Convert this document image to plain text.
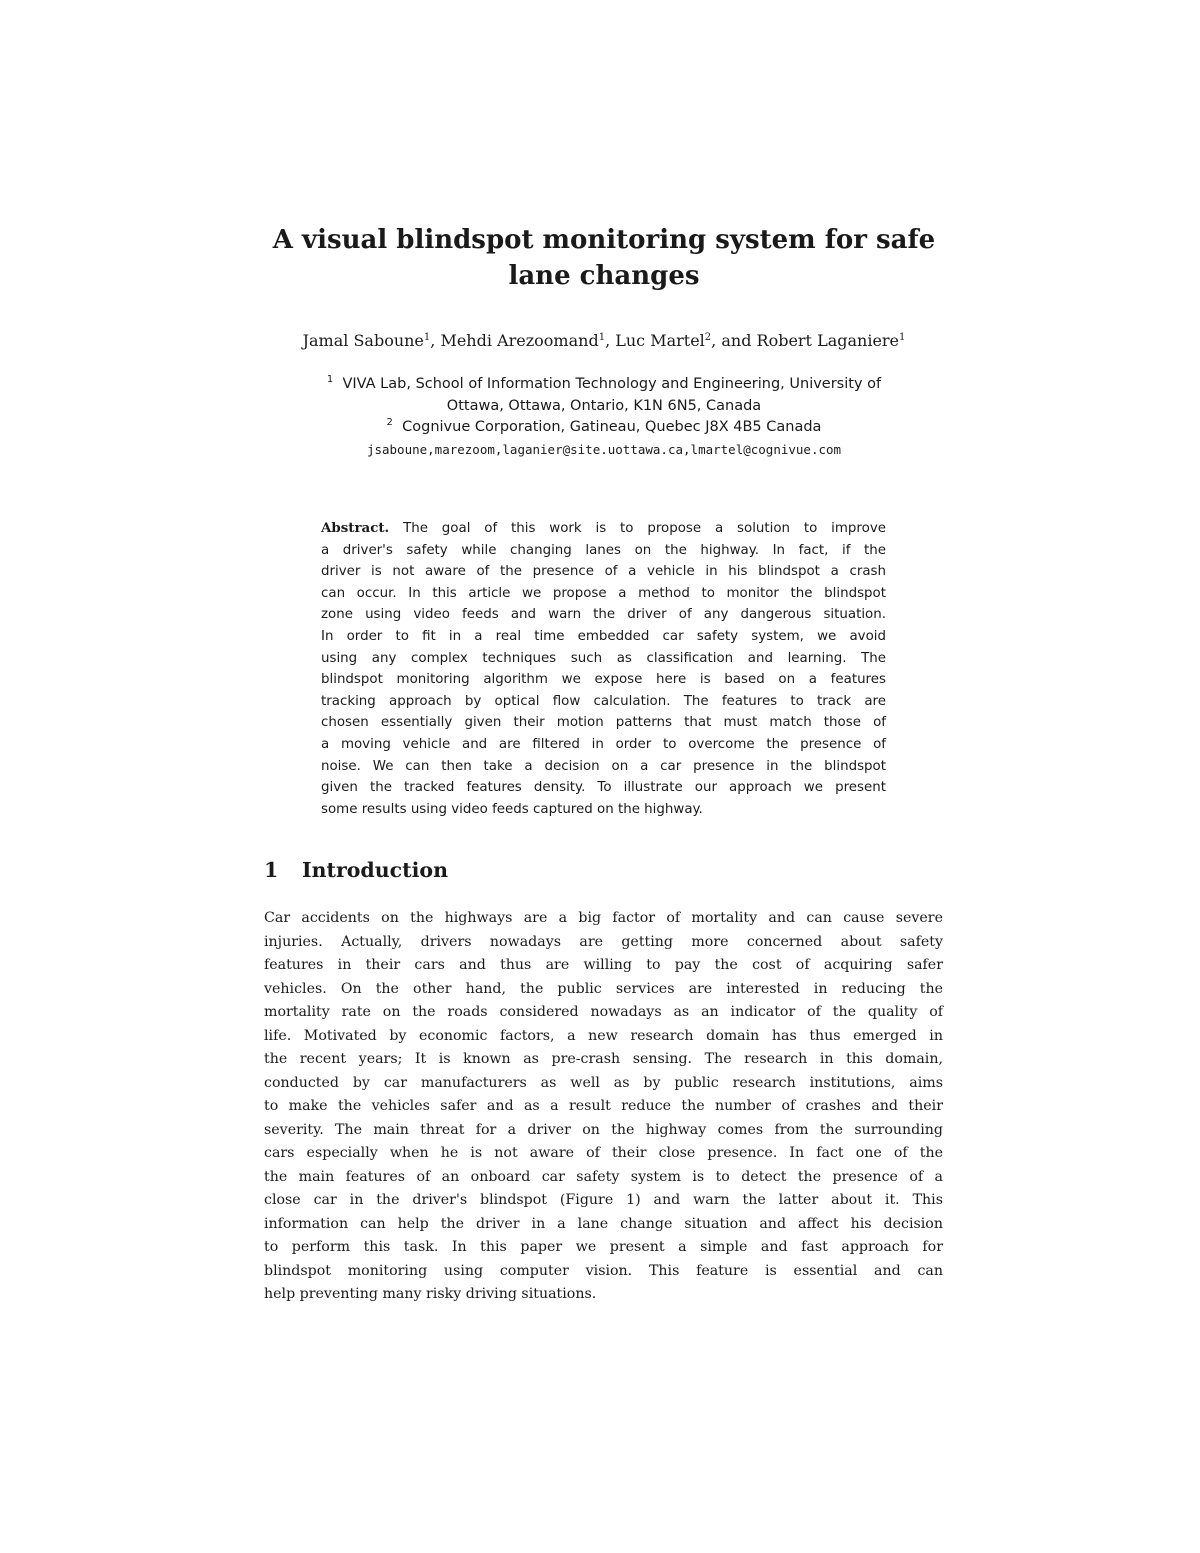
A visual blindspot monitoring system for safe
lane changes

Jamal Saboune$^1$, Mehdi Arezoomand$^1$, Luc Martel$^2$, and Robert Laganiere$^1$

$^1$ VIVA Lab, School of Information Technology and Engineering, University of
Ottawa, Ottawa, Ontario, K1N 6N5, Canada
$^2$ Cognivue Corporation, Gatineau, Quebec J8X 4B5 Canada
jsaboune,marezoom,laganier@site.uottawa.ca,lmartel@cognivue.com
Abstract. The goal of this work is to propose a solution to improve
a driver's safety while changing lanes on the highway. In fact, if the
driver is not aware of the presence of a vehicle in his blindspot a crash
can occur. In this article we propose a method to monitor the blindspot
zone using video feeds and warn the driver of any dangerous situation.
In order to fit in a real time embedded car safety system, we avoid
using any complex techniques such as classification and learning. The
blindspot monitoring algorithm we expose here is based on a features
tracking approach by optical flow calculation. The features to track are
chosen essentially given their motion patterns that must match those of
a moving vehicle and are filtered in order to overcome the presence of
noise. We can then take a decision on a car presence in the blindspot
given the tracked features density. To illustrate our approach we present
some results using video feeds captured on the highway.
1 Introduction
Car accidents on the highways are a big factor of mortality and can cause severe
injuries. Actually, drivers nowadays are getting more concerned about safety
features in their cars and thus are willing to pay the cost of acquiring safer
vehicles. On the other hand, the public services are interested in reducing the
mortality rate on the roads considered nowadays as an indicator of the quality of
life. Motivated by economic factors, a new research domain has thus emerged in
the recent years; It is known as pre-crash sensing. The research in this domain,
conducted by car manufacturers as well as by public research institutions, aims
to make the vehicles safer and as a result reduce the number of crashes and their
severity. The main threat for a driver on the highway comes from the surrounding
cars especially when he is not aware of their close presence. In fact one of the
the main features of an onboard car safety system is to detect the presence of a
close car in the driver's blindspot (Figure 1) and warn the latter about it. This
information can help the driver in a lane change situation and affect his decision
to perform this task. In this paper we present a simple and fast approach for
blindspot monitoring using computer vision. This feature is essential and can
help preventing many risky driving situations.
